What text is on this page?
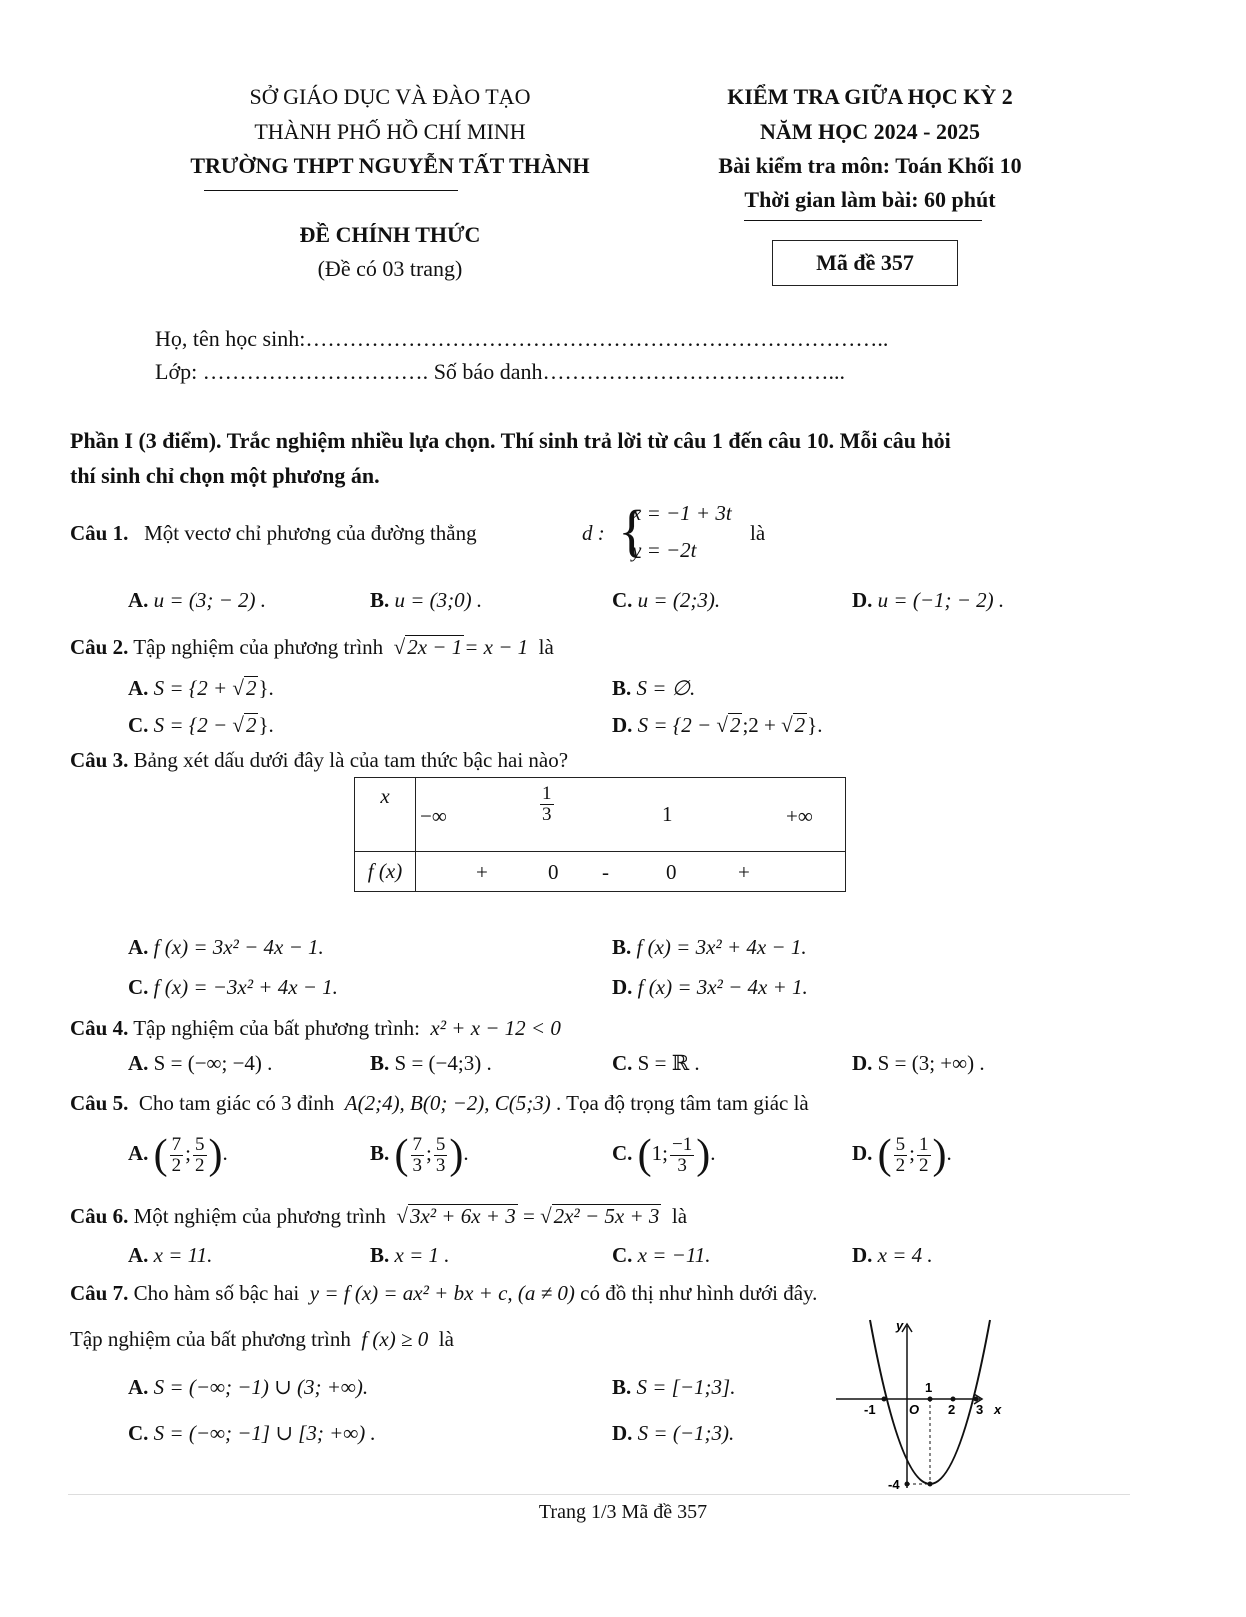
SỞ GIÁO DỤC VÀ ĐÀO TẠO
THÀNH PHỐ HỒ CHÍ MINH
TRƯỜNG THPT NGUYỄN TẤT THÀNH
ĐỀ CHÍNH THỨC
(Đề có 03 trang)
KIỂM TRA GIỮA HỌC KỲ 2
NĂM HỌC 2024 - 2025
Bài kiểm tra môn: Toán Khối 10
Thời gian làm bài: 60 phút
Mã đề 357
Họ, tên học sinh:……………………………………………………………………..
Lớp: …………………………. Số báo danh…………………………………...
Phần I (3 điểm). Trắc nghiệm nhiều lựa chọn. Thí sinh trả lời từ câu 1 đến câu 10. Mỗi câu hỏi
thí sinh chỉ chọn một phương án.
Câu 1. Một vectơ chỉ phương của đường thẳng	d : {
x = −1 + 3t
y = −2t
là
A. u = (3; − 2) .	B. u = (3;0) .	C. u = (2;3).	D. u = (−1; − 2) .
Câu 2. Tập nghiệm của phương trình √2x − 1= x − 1 là
A. S = {2 + √2}.	B. S = ∅.
C. S = {2 − √2}.	D. S = {2 − √2;2 + √2}.
Câu 3. Bảng xét dấu dưới đây là của tam thức bậc hai nào?
x	−∞ $\frac{1}{3} 1$ +∞

f (x)	+ 0 - 0 +
A. f (x) = 3x² − 4x − 1.	B. f (x) = 3x² + 4x − 1.
C. f (x) = −3x² + 4x − 1.	D. f (x) = 3x² − 4x + 1.
Câu 4. Tập nghiệm của bất phương trình: x² + x − 12 < 0
A. S = (−∞; −4) .	B. S = (−4;3) .	C. S = ℝ .	D. S = (3; +∞) .
Câu 5. Cho tam giác có 3 đỉnh A(2;4), B(0; −2), C(5;3) . Tọa độ trọng tâm tam giác là
A. ( $\frac{7}{2}$ ; $\frac{5}{2}$ ).	B. ( $\frac{7}{3}$ ; $\frac{5}{3}$ ).	C. (1; $\frac{-1}{3}$ ).	D. ( $\frac{5}{2}$ ; $\frac{1}{2}$ ).
Câu 6. Một nghiệm của phương trình  √3x² + 6x + 3 = √2x² − 5x + 3 là
A. x = 11.	B. x = 1 .	C. x = −11.	D. x = 4 .
Câu 7. Cho hàm số bậc hai y = f (x) = ax² + bx + c, (a ≠ 0) có đồ thị như hình dưới đây.
Tập nghiệm của bất phương trình f (x) ≥ 0 là
A. S = (−∞; −1) ∪ (3; +∞).	B. S = [−1;3].
C. S = (−∞; −1] ∪ [3; +∞) .	D. S = (−1;3).
y
x
O
-1
1
2 3
-4
Trang 1/3 Mã đề 357
